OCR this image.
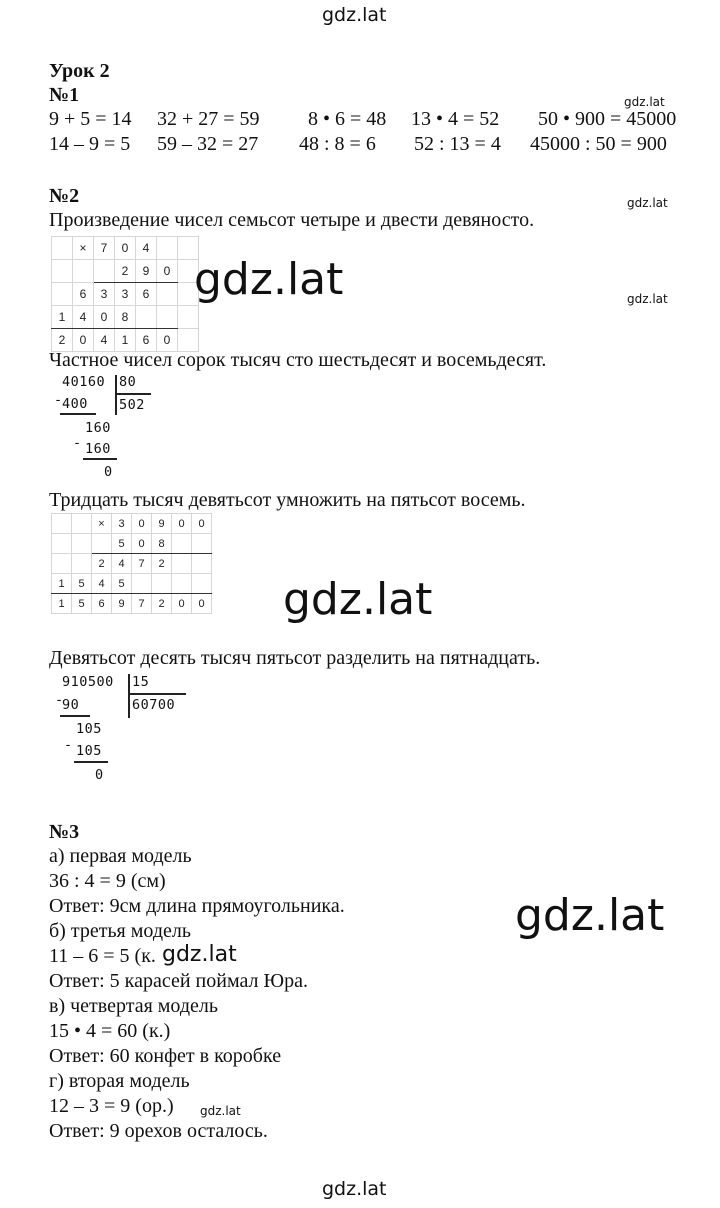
gdz.lat
gdz.lat
Урок 2
№1	gdz.lat
9 + 5 = 14 32 + 27 = 59 8 • 6 = 48 13 • 4 = 52 50 • 900 = 45000
14 – 9 = 5 59 – 32 = 27 48 : 8 = 6 52 : 13 = 4 45000 : 50 = 900
№2	gdz.lat
Произведение чисел семьсот четыре и двести девяносто.
	×	7	0	4		
			2	9	0	
	6	3	3	6		
1	4	0	8			
2	0	4	1	6	0	
gdz.lat	gdz.lat
Частное чисел сорок тысяч сто шестьдесят и восемьдесят.
40160 80
- 400 502
160
- 160
0
Тридцать тысяч девятьсот умножить на пятьсот восемь.
		×	3	0	9	0	0
			5	0	8		
		2	4	7	2		
1	5	4	5				
1	5	6	9	7	2	0	0 gdz.lat
Девятьсот десять тысяч пятьсот разделить на пятнадцать.
910500 15
-
90	60700
105
- 105
0
№3
а) первая модель
36 : 4 = 9 (см)
Ответ: 9см длина прямоугольника.
б) третья модель
11 – 6 = 5 (к. gdz.lat
Ответ: 5 карасей поймал Юра.
в) четвертая модель
15 • 4 = 60 (к.)
Ответ: 60 конфет в коробке
г) вторая модель
12 – 3 = 9 (ор.) gdz.lat
Ответ: 9 орехов осталось.
gdz.lat
